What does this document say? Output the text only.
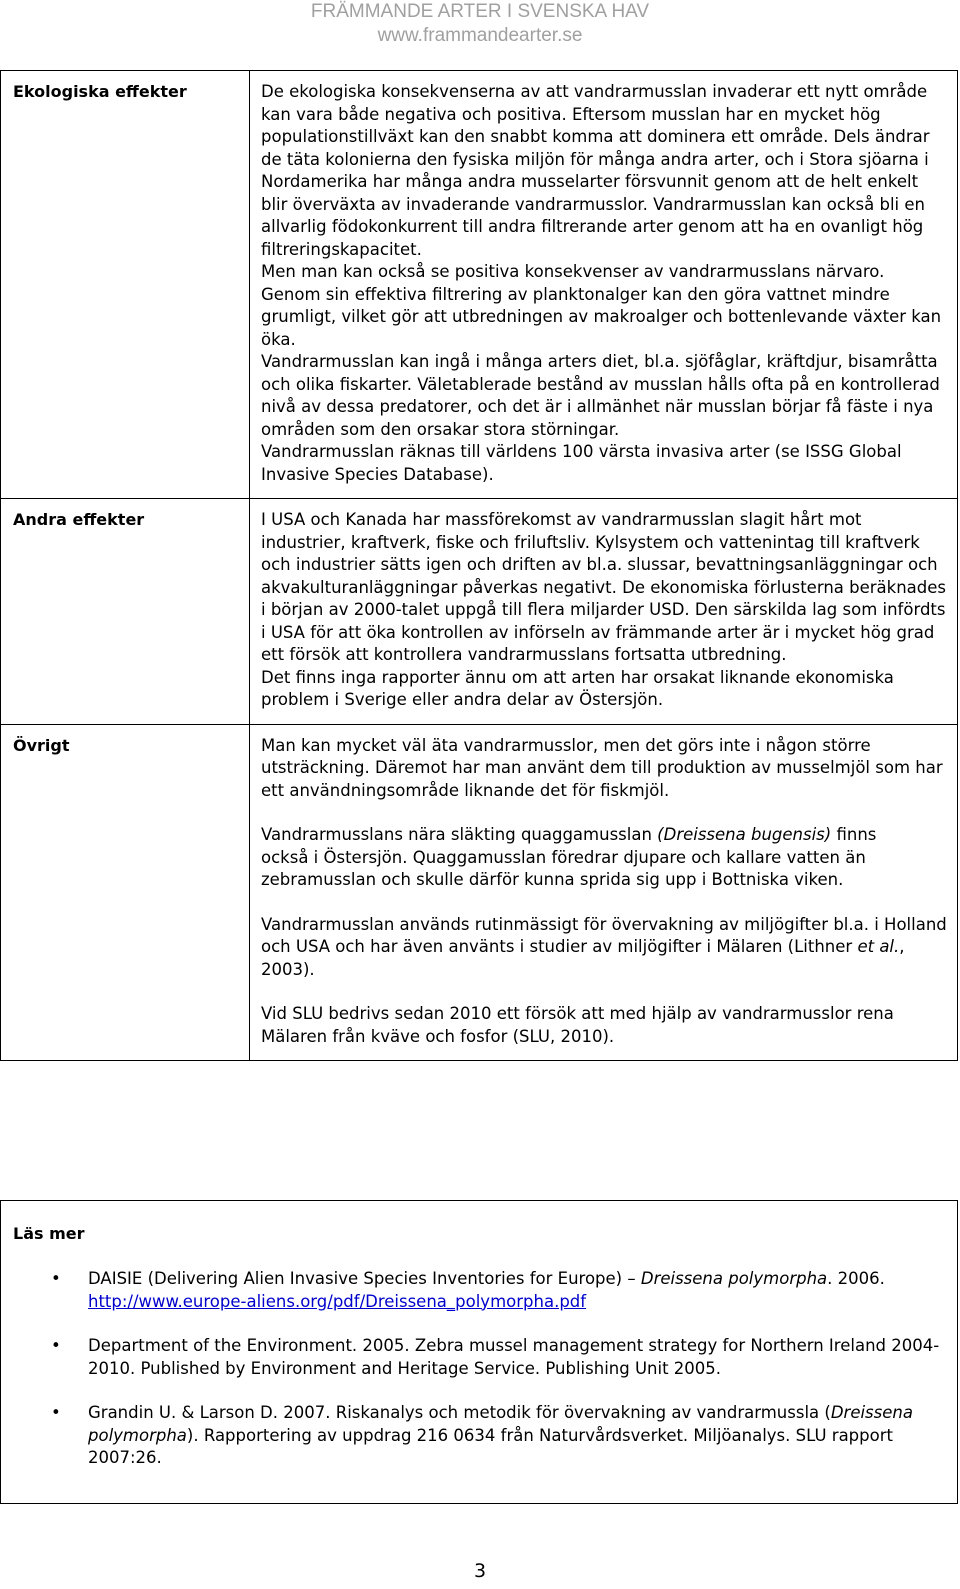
FRÄMMANDE ARTER I SVENSKA HAV
www.frammandearter.se
Ekologiska effekter	De ekologiska konsekvenserna av att vandrarmusslan invaderar ett nytt område kan vara både negativa och positiva. Eftersom musslan har en mycket hög populationstillväxt kan den snabbt komma att dominera ett område. Dels ändrar de täta kolonierna den fysiska miljön för många andra arter, och i Stora sjöarna i Nordamerika har många andra musselarter försvunnit genom att de helt enkelt blir överväxta av invaderande vandrarmusslor. Vandrarmusslan kan också bli en allvarlig födokonkurrent till andra filtrerande arter genom att ha en ovanligt hög filtreringskapacitet.

Men man kan också se positiva konsekvenser av vandrarmusslans närvaro. Genom sin effektiva filtrering av planktonalger kan den göra vattnet mindre grumligt, vilket gör att utbredningen av makroalger och bottenlevande växter kan öka.

Vandrarmusslan kan ingå i många arters diet, bl.a. sjöfåglar, kräftdjur, bisamråtta och olika fiskarter. Väletablerade bestånd av musslan hålls ofta på en kontrollerad nivå av dessa predatorer, och det är i allmänhet när musslan börjar få fäste i nya områden som den orsakar stora störningar.

Vandrarmusslan räknas till världens 100 värsta invasiva arter (se ISSG Global Invasive Species Database).

Andra effekter	I USA och Kanada har massförekomst av vandrarmusslan slagit hårt mot industrier, kraftverk, fiske och friluftsliv. Kylsystem och vattenintag till kraftverk och industrier sätts igen och driften av bl.a. slussar, bevattningsanläggningar och akvakulturanläggningar påverkas negativt. De ekonomiska förlusterna beräknades i början av 2000-talet uppgå till flera miljarder USD. Den särskilda lag som infördts i USA för att öka kontrollen av införseln av främmande arter är i mycket hög grad ett försök att kontrollera vandrarmusslans fortsatta utbredning.

Det finns inga rapporter ännu om att arten har orsakat liknande ekonomiska problem i Sverige eller andra delar av Östersjön.

Övrigt	Man kan mycket väl äta vandrarmusslor, men det görs inte i någon större utsträckning. Däremot har man använt dem till produktion av musselmjöl som har ett användningsområde liknande det för fiskmjöl.

Vandrarmusslans nära släkting quaggamusslan (Dreissena bugensis) finns
också i Östersjön. Quaggamusslan föredrar djupare och kallare vatten än zebramusslan och skulle därför kunna sprida sig upp i Bottniska viken.

Vandrarmusslan används rutinmässigt för övervakning av miljögifter bl.a. i Holland och USA och har även använts i studier av miljögifter i Mälaren (Lithner et al., 2003).

Vid SLU bedrivs sedan 2010 ett försök att med hjälp av vandrarmusslor rena Mälaren från kväve och fosfor (SLU, 2010).

Läs mer
• DAISIE (Delivering Alien Invasive Species Inventories for Europe) – Dreissena polymorpha. 2006.
http://www.europe-aliens.org/pdf/Dreissena_polymorpha.pdf
• Department of the Environment. 2005. Zebra mussel management strategy for Northern Ireland 2004-2010. Published by Environment and Heritage Service. Publishing Unit 2005.
• Grandin U. & Larson D. 2007. Riskanalys och metodik för övervakning av vandrarmussla (Dreissena polymorpha). Rapportering av uppdrag 216 0634 från Naturvårdsverket. Miljöanalys. SLU rapport 2007:26.
3
